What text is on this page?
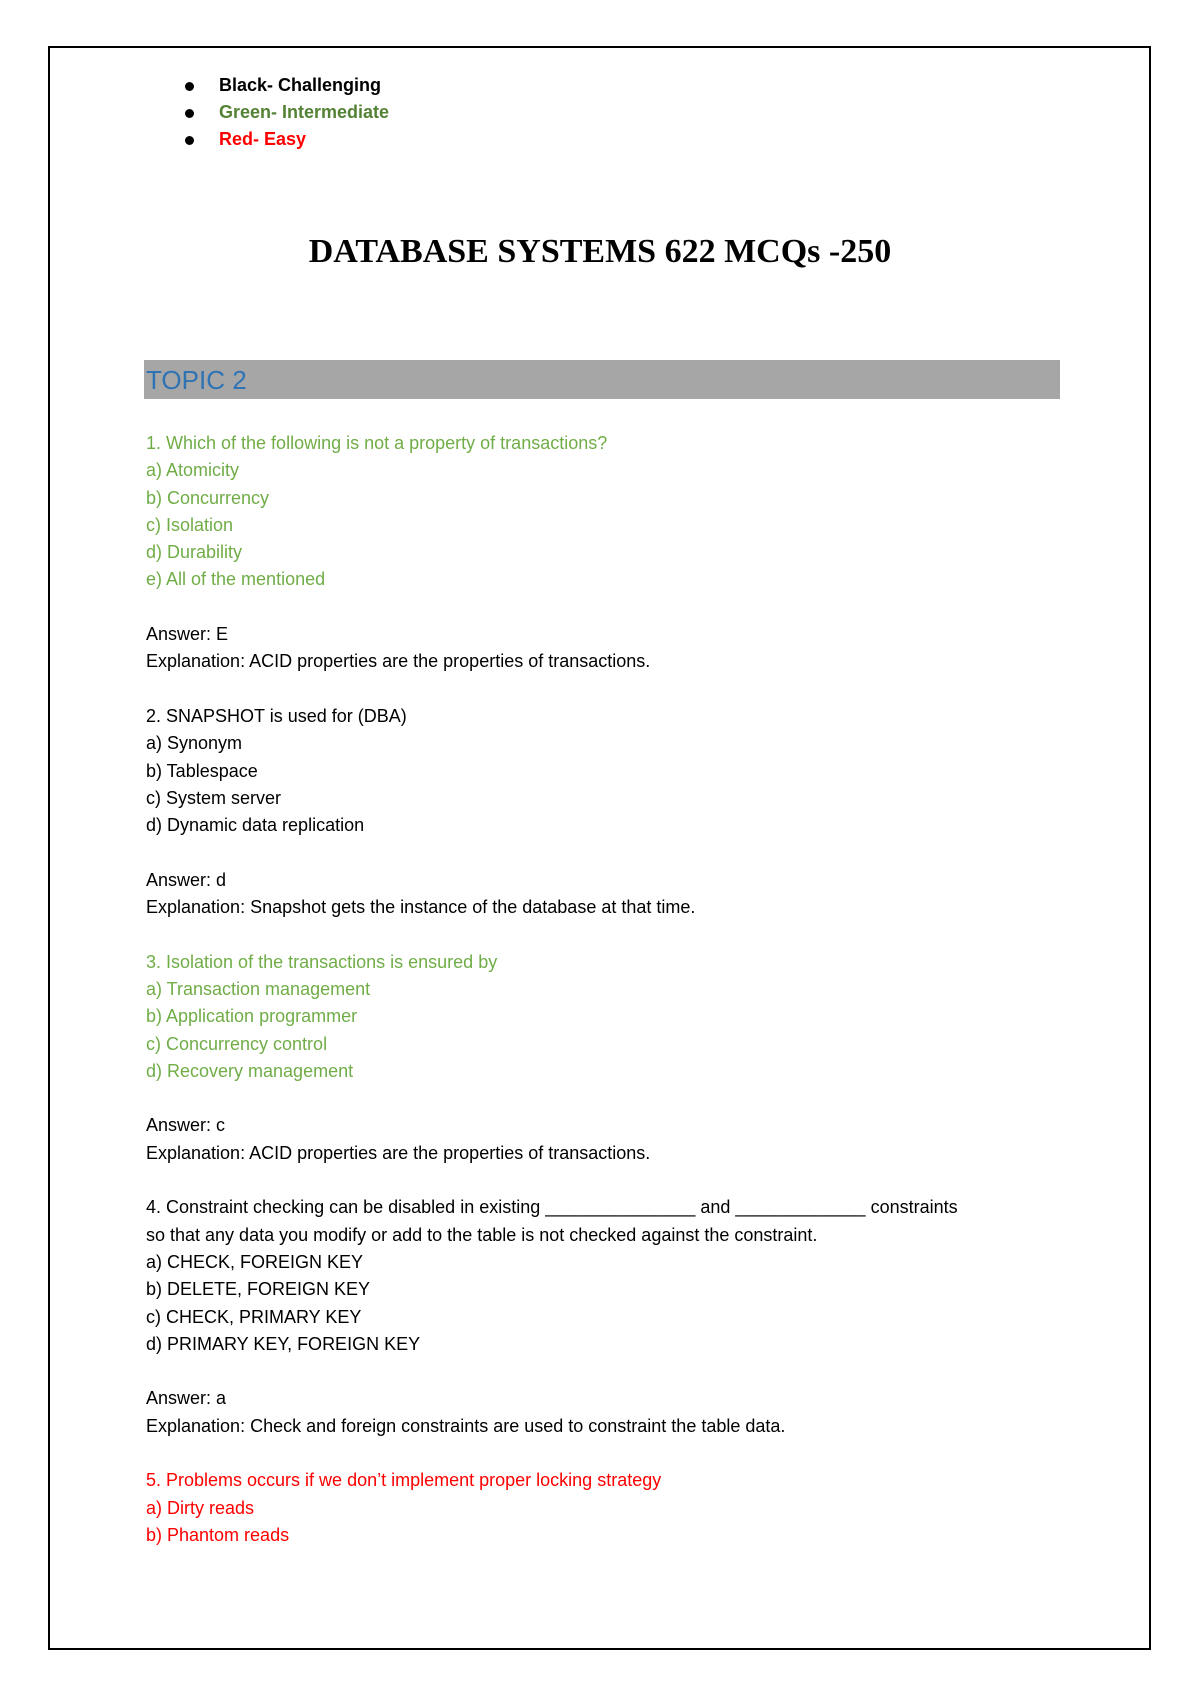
Black- Challenging
Green- Intermediate
Red- Easy
DATABASE SYSTEMS 622 MCQs -250
TOPIC 2
1. Which of the following is not a property of transactions?
a) Atomicity
b) Concurrency
c) Isolation
d) Durability
e) All of the mentioned
Answer: E
Explanation: ACID properties are the properties of transactions.
2. SNAPSHOT is used for (DBA)
a) Synonym
b) Tablespace
c) System server
d) Dynamic data replication
Answer: d
Explanation: Snapshot gets the instance of the database at that time.
3. Isolation of the transactions is ensured by
a) Transaction management
b) Application programmer
c) Concurrency control
d) Recovery management
Answer: c
Explanation: ACID properties are the properties of transactions.
4. Constraint checking can be disabled in existing _______________ and _____________ constraints
so that any data you modify or add to the table is not checked against the constraint.
a) CHECK, FOREIGN KEY
b) DELETE, FOREIGN KEY
c) CHECK, PRIMARY KEY
d) PRIMARY KEY, FOREIGN KEY
Answer: a
Explanation: Check and foreign constraints are used to constraint the table data.
5. Problems occurs if we don’t implement proper locking strategy
a) Dirty reads
b) Phantom reads
